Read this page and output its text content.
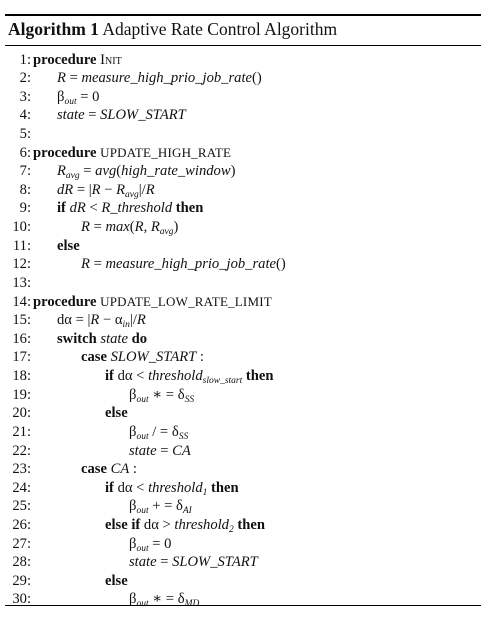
Algorithm 1 Adaptive Rate Control Algorithm
1: procedure Init
2: R = measure_high_prio_job_rate()
3: $\beta_{out} = 0$
4: state = SLOW_START
5:
6: procedure UPDATE_HIGH_RATE
7: $R_{avg}$ = avg(high_rate_window)
8: dR = $|R - R_{avg}|/R$
9: if dR < R_threshold then
10:	R = max(R, $R_{avg}$)
11: else
12:	R = measure_high_prio_job_rate()
13:
14: procedure UPDATE_LOW_RATE_LIMIT
15: $d\alpha = |R - \alpha_{in}|/R$
16: switch state do
17:	case SLOW_START :
18:	if dα < threshold$_{slow\_start}$ then
19:	$\beta_{out}$ ∗ = $\delta_{SS}$
20:	else
21:	$\beta_{out}$ / = $\delta_{SS}$
22:	state = CA
23:	case CA :
24:	if dα < threshold$_1$ then
25:	$\beta_{out}$ + = $\delta_{AI}$
26:	else if dα > threshold$_2$ then
27:	$\beta_{out} = 0$
28:	state = SLOW_START
29:	else
30:	$\beta_{out}$ ∗ = $\delta_{MD}$
